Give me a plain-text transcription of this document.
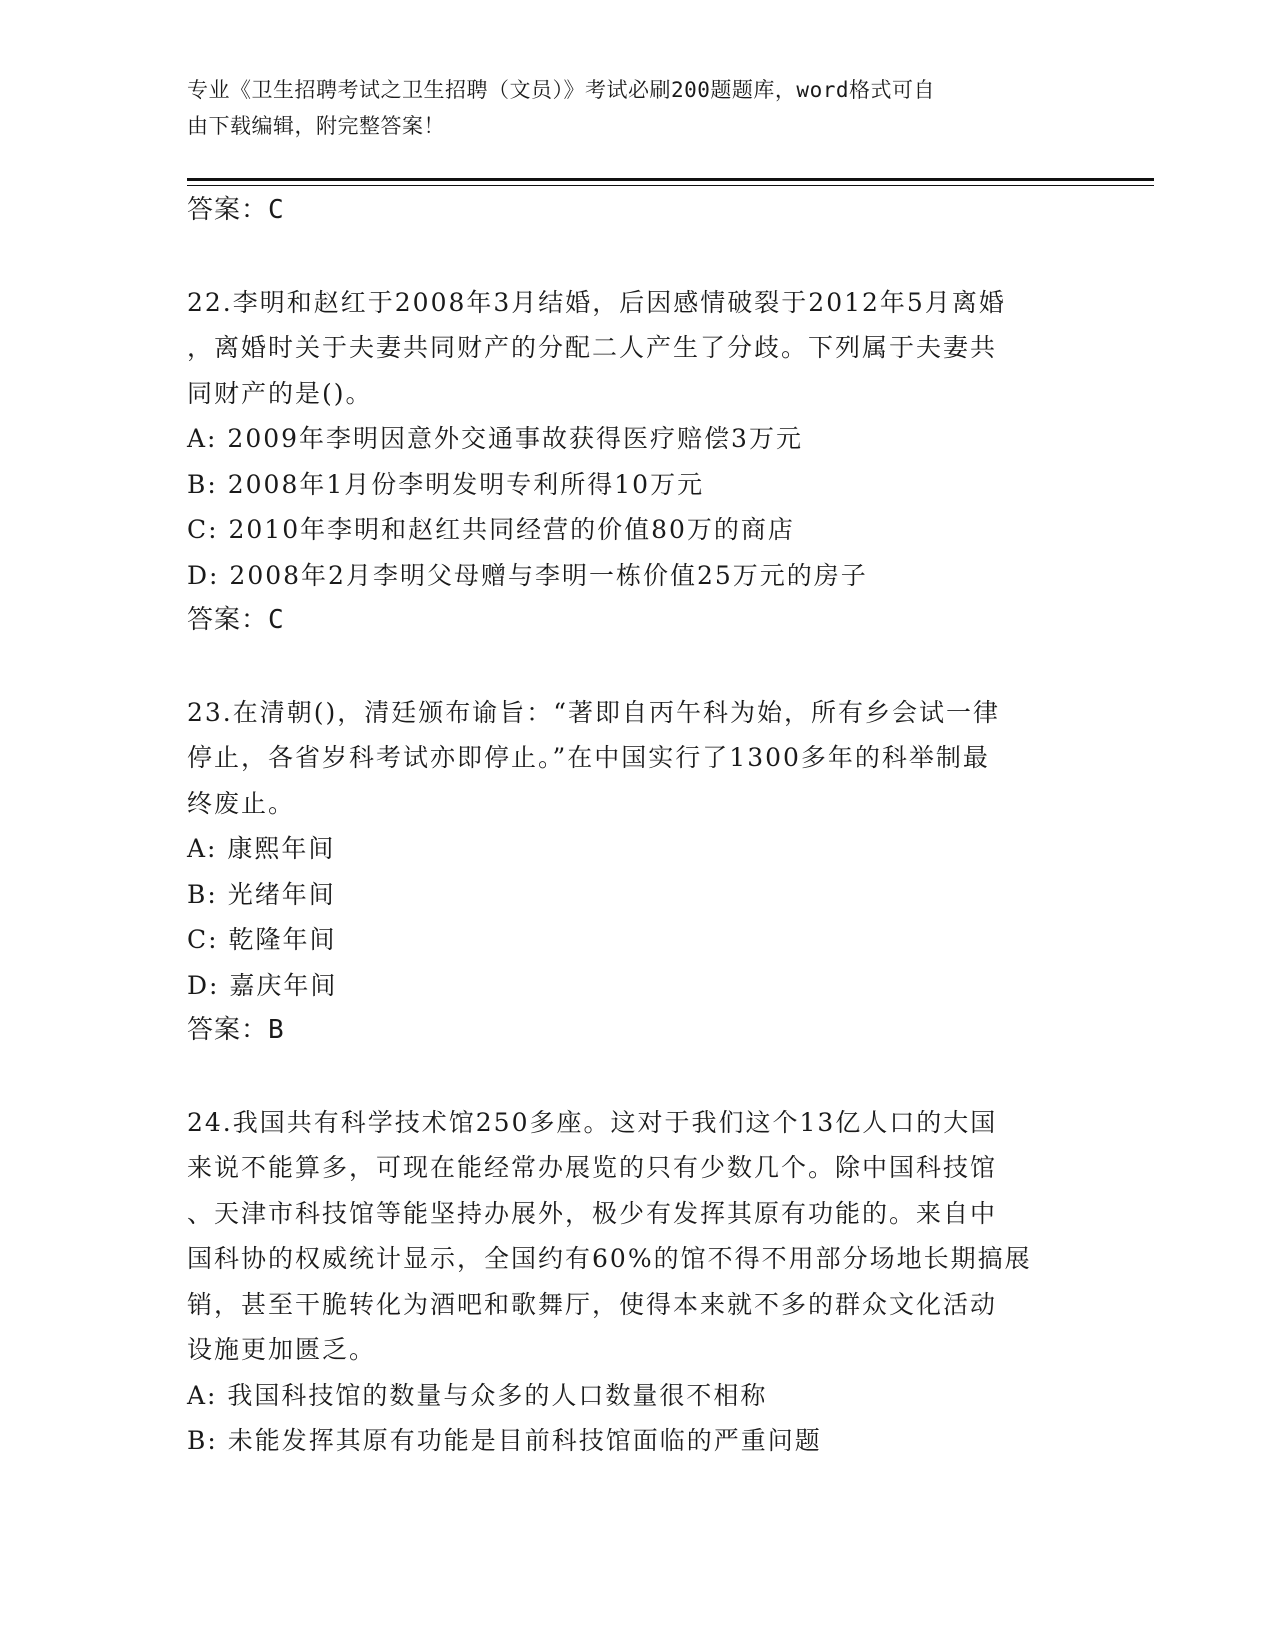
专业《卫生招聘考试之卫生招聘（文员）》考试必刷200题题库，word格式可自
由下载编辑，附完整答案！
答案：C
22.李明和赵红于2008年3月结婚，后因感情破裂于2012年5月离婚
，离婚时关于夫妻共同财产的分配二人产生了分歧。下列属于夫妻共
同财产的是()。
A: 2009年李明因意外交通事故获得医疗赔偿3万元
B: 2008年1月份李明发明专利所得10万元
C: 2010年李明和赵红共同经营的价值80万的商店
D: 2008年2月李明父母赠与李明一栋价值25万元的房子
答案：C
23.在清朝()，清廷颁布谕旨：“著即自丙午科为始，所有乡会试一律
停止，各省岁科考试亦即停止。”在中国实行了1300多年的科举制最
终废止。
A: 康熙年间
B: 光绪年间
C: 乾隆年间
D: 嘉庆年间
答案：B
24.我国共有科学技术馆250多座。这对于我们这个13亿人口的大国
来说不能算多，可现在能经常办展览的只有少数几个。除中国科技馆
、天津市科技馆等能坚持办展外，极少有发挥其原有功能的。来自中
国科协的权威统计显示，全国约有60%的馆不得不用部分场地长期搞展
销，甚至干脆转化为酒吧和歌舞厅，使得本来就不多的群众文化活动
设施更加匮乏。
A: 我国科技馆的数量与众多的人口数量很不相称
B: 未能发挥其原有功能是目前科技馆面临的严重问题
